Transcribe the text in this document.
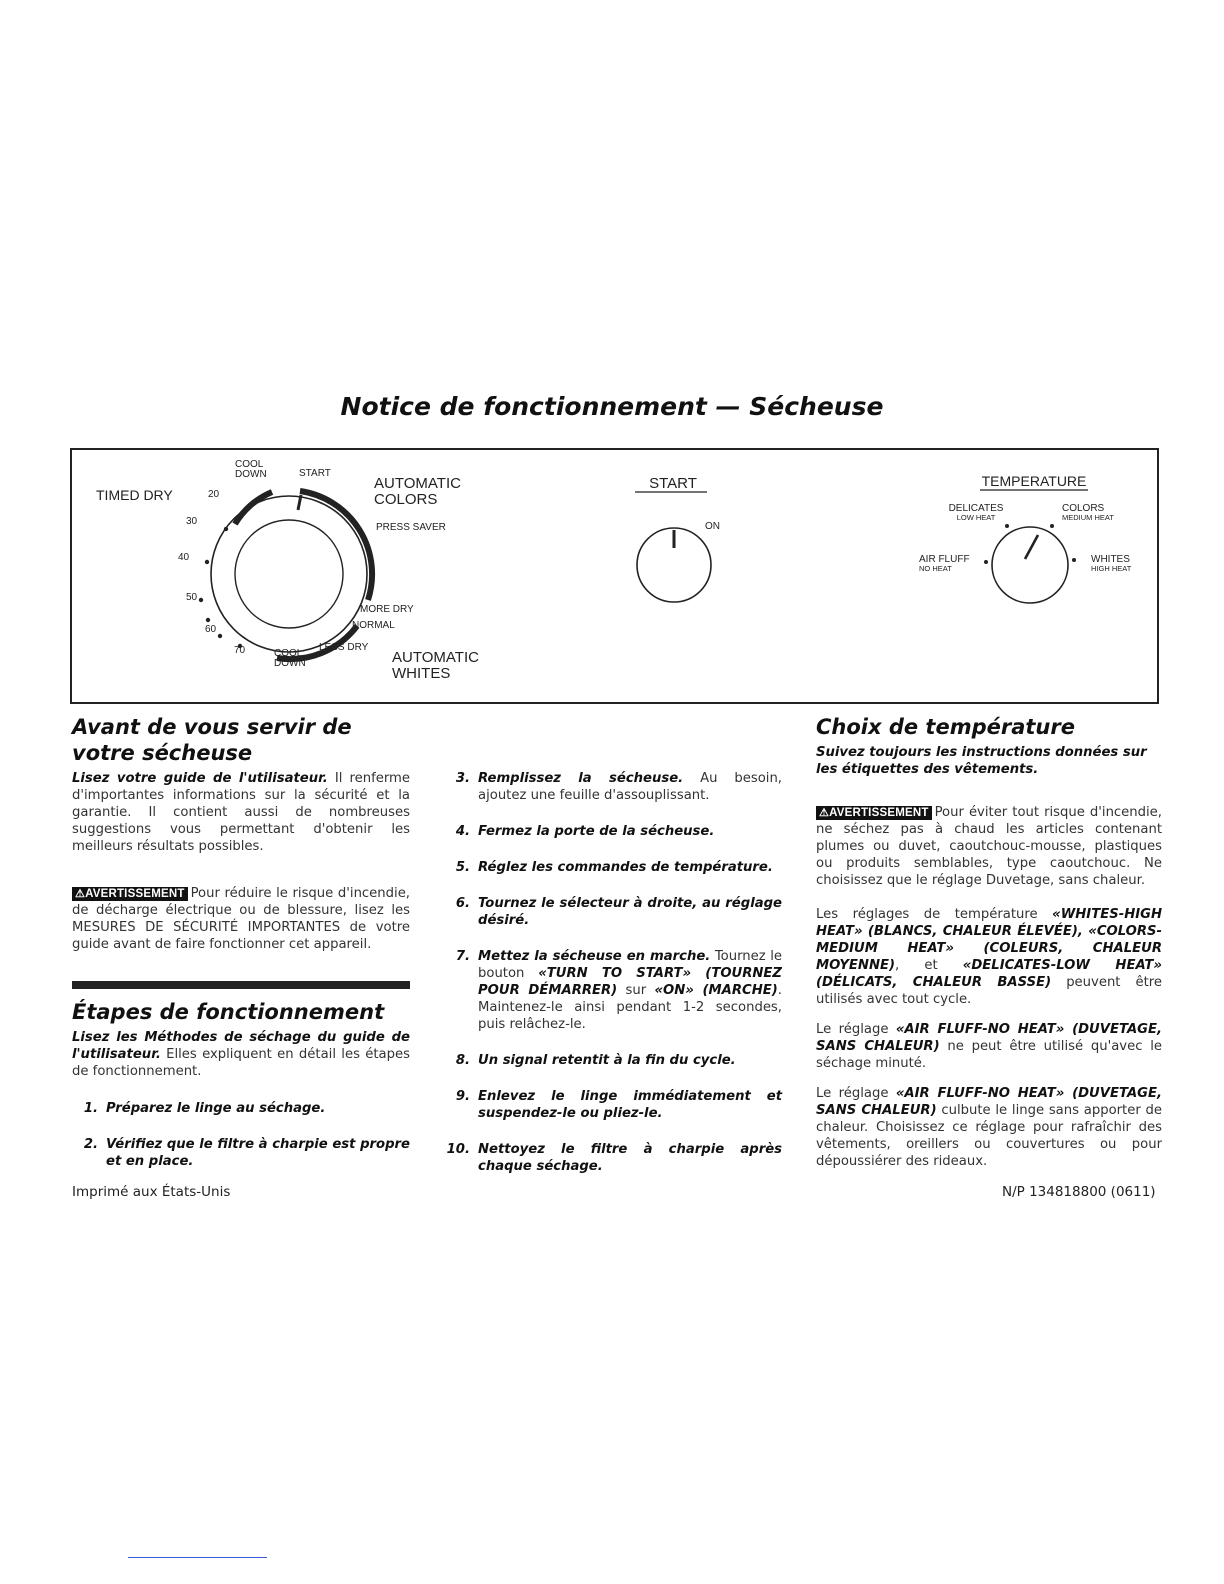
Notice de fonctionnement — Sécheuse
COOL
DOWN	START
TIMED DRY	20
30
40
50
60
70
AUTOMATIC
COLORS
PRESS SAVER
MORE DRY
NORMAL
LESS DRY
COOL
DOWN	AUTOMATIC
WHITES
START
ON
TEMPERATURE
DELICATES
LOW HEAT
COLORS
MEDIUM HEAT
AIR FLUFF
NO HEAT
WHITES
HIGH HEAT
Avant de vous servir de votre sécheuse

Lisez votre guide de l'utilisateur. Il renferme d'importantes informations sur la sécurité et la garantie. Il contient aussi de nombreuses suggestions vous permettant d'obtenir les meilleurs résultats possibles.

⚠AVERTISSEMENT Pour réduire le risque d'incendie, de décharge électrique ou de blessure, lisez les MESURES DE SÉCURITÉ IMPORTANTES de votre guide avant de faire fonctionner cet appareil.

Étapes de fonctionnement

Lisez les Méthodes de séchage du guide de l'utilisateur. Elles expliquent en détail les étapes de fonctionnement.

1. Préparez le linge au séchage.
2. Vérifiez que le filtre à charpie est propre et en place.
3. Remplissez la sécheuse. Au besoin, ajoutez une feuille d'assouplissant.
4. Fermez la porte de la sécheuse.
5. Réglez les commandes de température.
6. Tournez le sélecteur à droite, au réglage désiré.
7. Mettez la sécheuse en marche. Tournez le bouton «TURN TO START» (TOURNEZ POUR DÉMARRER) sur «ON» (MARCHE). Maintenez-le ainsi pendant 1-2 secondes, puis relâchez-le.
8. Un signal retentit à la fin du cycle.
9. Enlevez le linge immédiatement et suspendez-le ou pliez-le.
10. Nettoyez le filtre à charpie après chaque séchage.
Choix de température

Suivez toujours les instructions données sur les étiquettes des vêtements.

⚠AVERTISSEMENT Pour éviter tout risque d'incendie, ne séchez pas à chaud les articles contenant plumes ou duvet, caoutchouc-mousse, plastiques ou produits semblables, type caoutchouc. Ne choisissez que le réglage Duvetage, sans chaleur.

Les réglages de température «WHITES-HIGH HEAT» (BLANCS, CHALEUR ÉLEVÉE), «COLORS-MEDIUM HEAT» (COLEURS, CHALEUR MOYENNE), et «DELICATES-LOW HEAT» (DÉLICATS, CHALEUR BASSE) peuvent être utilisés avec tout cycle.

Le réglage «AIR FLUFF-NO HEAT» (DUVETAGE, SANS CHALEUR) ne peut être utilisé qu'avec le séchage minuté.

Le réglage «AIR FLUFF-NO HEAT» (DUVETAGE, SANS CHALEUR) culbute le linge sans apporter de chaleur. Choisissez ce réglage pour rafraîchir des vêtements, oreillers ou couvertures ou pour dépoussiérer des rideaux.

Imprimé aux États-Unis	N/P 134818800 (0611)
